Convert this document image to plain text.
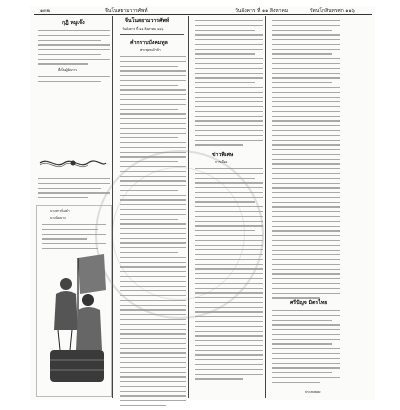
๑๓๒	จีนโนสยามวารศัพท์	วันอังคาร ที่ ๑๑ สิงหาคม	รัตนโกสินทรศก ๑๑๖
กุฏิ หมูเจ๊ง
ที่เป็นผู้จัดการ
นางสาวนิ่มคำ
นางนิ่มนาง
จีนโนสยามวารศัพท์
วันอังคาร ที่ ๑๑ สิงหาคม ๑๑๖
คำกราบบังคมทูล
พระพุทธเจ้าข้า
ข่าวพิเศษ
การเมือง
ศรีปัญจ มิตรไทย
ประสมพงษ
